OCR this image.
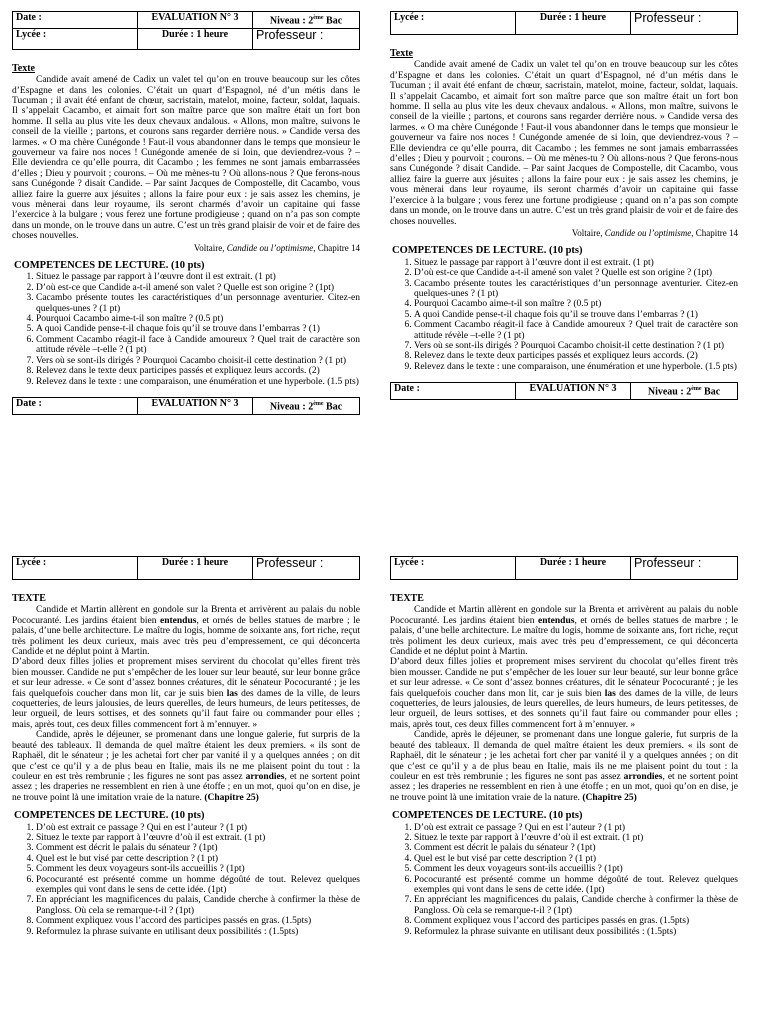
Date :	EVALUATION N° 3	Niveau : 2ème Bac
Lycée :	Durée : 1 heure	Professeur :
Texte

Candide avait amené de Cadix un valet tel qu’on en trouve beaucoup sur les côtes d’Espagne et dans les colonies. C’était un quart d’Espagnol, né d’un métis dans le Tucuman ; il avait été enfant de chœur, sacristain, matelot, moine, facteur, soldat, laquais. Il s’appelait Cacambo, et aimait fort son maître parce que son maître était un fort bon homme. Il sella au plus vite les deux chevaux andalous. « Allons, mon maître, suivons le conseil de la vieille ; partons, et courons sans regarder derrière nous. » Candide versa des larmes. « O ma chère Cunégonde ! Faut-il vous abandonner dans le temps que monsieur le gouverneur va faire nos noces ! Cunégonde amenée de si loin, que deviendrez-vous ? – Elle deviendra ce qu’elle pourra, dit Cacambo ; les femmes ne sont jamais embarrassées d’elles ; Dieu y pourvoit ; courons. – Où me mènes-tu ? Où allons-nous ? Que ferons-nous sans Cunégonde ? disait Candide. – Par saint Jacques de Compostelle, dit Cacambo, vous alliez faire la guerre aux jésuites ; allons la faire pour eux : je sais assez les chemins, je vous mènerai dans leur royaume, ils seront charmés d’avoir un capitaine qui fasse l’exercice à la bulgare ; vous ferez une fortune prodigieuse ; quand on n’a pas son compte dans un monde, on le trouve dans un autre. C’est un très grand plaisir de voir et de faire des choses nouvelles.

Voltaire, Candide ou l’optimisme, Chapitre 14
COMPETENCES DE LECTURE. (10 pts)
1. Situez le passage par rapport à l’œuvre dont il est extrait. (1 pt)
2. D’où est-ce que Candide a-t-il amené son valet ? Quelle est son origine ? (1pt)
3. Cacambo présente toutes les caractéristiques d’un personnage aventurier. Citez-en quelques-unes ? (1 pt)
4. Pourquoi Cacambo aime-t-il son maître ? (0.5 pt)
5. A quoi Candide pense-t-il chaque fois qu’il se trouve dans l’embarras ? (1)
6. Comment Cacambo réagit-il face à Candide amoureux ? Quel trait de caractère son attitude révèle –t-elle ? (1 pt)
7. Vers où se sont-ils dirigés ? Pourquoi Cacambo choisit-il cette destination ? (1 pt)
8. Relevez dans le texte deux participes passés et expliquez leurs accords. (2)
9. Relevez dans le texte : une comparaison, une énumération et une hyperbole. (1.5 pts)
Date :	EVALUATION N° 3	Niveau : 2ème Bac
Lycée :	Durée : 1 heure	Professeur :
Texte

Candide avait amené de Cadix un valet tel qu’on en trouve beaucoup sur les côtes d’Espagne et dans les colonies. C’était un quart d’Espagnol, né d’un métis dans le Tucuman ; il avait été enfant de chœur, sacristain, matelot, moine, facteur, soldat, laquais. Il s’appelait Cacambo, et aimait fort son maître parce que son maître était un fort bon homme. Il sella au plus vite les deux chevaux andalous. « Allons, mon maître, suivons le conseil de la vieille ; partons, et courons sans regarder derrière nous. » Candide versa des larmes. « O ma chère Cunégonde ! Faut-il vous abandonner dans le temps que monsieur le gouverneur va faire nos noces ! Cunégonde amenée de si loin, que deviendrez-vous ? – Elle deviendra ce qu’elle pourra, dit Cacambo ; les femmes ne sont jamais embarrassées d’elles ; Dieu y pourvoit ; courons. – Où me mènes-tu ? Où allons-nous ? Que ferons-nous sans Cunégonde ? disait Candide. – Par saint Jacques de Compostelle, dit Cacambo, vous alliez faire la guerre aux jésuites ; allons la faire pour eux : je sais assez les chemins, je vous mènerai dans leur royaume, ils seront charmés d’avoir un capitaine qui fasse l’exercice à la bulgare ; vous ferez une fortune prodigieuse ; quand on n’a pas son compte dans un monde, on le trouve dans un autre. C’est un très grand plaisir de voir et de faire des choses nouvelles.

Voltaire, Candide ou l’optimisme, Chapitre 14
COMPETENCES DE LECTURE. (10 pts)
1. Situez le passage par rapport à l’œuvre dont il est extrait. (1 pt)
2. D’où est-ce que Candide a-t-il amené son valet ? Quelle est son origine ? (1pt)
3. Cacambo présente toutes les caractéristiques d’un personnage aventurier. Citez-en quelques-unes ? (1 pt)
4. Pourquoi Cacambo aime-t-il son maître ? (0.5 pt)
5. A quoi Candide pense-t-il chaque fois qu’il se trouve dans l’embarras ? (1)
6. Comment Cacambo réagit-il face à Candide amoureux ? Quel trait de caractère son attitude révèle –t-elle ? (1 pt)
7. Vers où se sont-ils dirigés ? Pourquoi Cacambo choisit-il cette destination ? (1 pt)
8. Relevez dans le texte deux participes passés et expliquez leurs accords. (2)
9. Relevez dans le texte : une comparaison, une énumération et une hyperbole. (1.5 pts)
Date :	EVALUATION N° 3	Niveau : 2ème Bac
Lycée :	Durée : 1 heure	Professeur :
TEXTE

Candide et Martin allèrent en gondole sur la Brenta et arrivèrent au palais du noble Pococuranté. Les jardins étaient bien entendus, et ornés de belles statues de marbre ; le palais, d’une belle architecture. Le maître du logis, homme de soixante ans, fort riche, reçut très poliment les deux curieux, mais avec très peu d’empressement, ce qui déconcerta Candide et ne déplut point à Martin.

D’abord deux filles jolies et proprement mises servirent du chocolat qu’elles firent très bien mousser. Candide ne put s’empêcher de les louer sur leur beauté, sur leur bonne grâce et sur leur adresse. « Ce sont d’assez bonnes créatures, dit le sénateur Pococuranté ; je les fais quelquefois coucher dans mon lit, car je suis bien las des dames de la ville, de leurs coquetteries, de leurs jalousies, de leurs querelles, de leurs humeurs, de leurs petitesses, de leur orgueil, de leurs sottises, et des sonnets qu’il faut faire ou commander pour elles ; mais, après tout, ces deux filles commencent fort à m’ennuyer. »

Candide, après le déjeuner, se promenant dans une longue galerie, fut surpris de la beauté des tableaux. Il demanda de quel maître étaient les deux premiers. « ils sont de Raphaël, dit le sénateur ; je les achetai fort cher par vanité il y a quelques années ; on dit que c’est ce qu’il y a de plus beau en Italie, mais ils ne me plaisent point du tout : la couleur en est très rembrunie ; les figures ne sont pas assez arrondies, et ne sortent point assez ; les draperies ne ressemblent en rien à une étoffe ; en un mot, quoi qu’on en dise, je ne trouve point là une imitation vraie de la nature. (Chapitre 25)

COMPETENCES DE LECTURE. (10 pts)
1. D’où est extrait ce passage ? Qui en est l’auteur ? (1 pt)
2. Situez le texte par rapport à l’œuvre d’où il est extrait. (1 pt)
3. Comment est décrit le palais du sénateur ? (1pt)
4. Quel est le but visé par cette description ? (1 pt)
5. Comment les deux voyageurs sont-ils accueillis ? (1pt)
6. Pococuranté est présenté comme un homme dégoûté de tout. Relevez quelques exemples qui vont dans le sens de cette idée. (1pt)
7. En appréciant les magnificences du palais, Candide cherche à confirmer la thèse de Pangloss. Où cela se remarque-t-il ? (1pt)
8. Comment expliquez vous l’accord des participes passés en gras. (1.5pts)
9. Reformulez la phrase suivante en utilisant deux possibilités : (1.5pts)
Lycée :	Durée : 1 heure	Professeur :
TEXTE

Candide et Martin allèrent en gondole sur la Brenta et arrivèrent au palais du noble Pococuranté. Les jardins étaient bien entendus, et ornés de belles statues de marbre ; le palais, d’une belle architecture. Le maître du logis, homme de soixante ans, fort riche, reçut très poliment les deux curieux, mais avec très peu d’empressement, ce qui déconcerta Candide et ne déplut point à Martin.

D’abord deux filles jolies et proprement mises servirent du chocolat qu’elles firent très bien mousser. Candide ne put s’empêcher de les louer sur leur beauté, sur leur bonne grâce et sur leur adresse. « Ce sont d’assez bonnes créatures, dit le sénateur Pococuranté ; je les fais quelquefois coucher dans mon lit, car je suis bien las des dames de la ville, de leurs coquetteries, de leurs jalousies, de leurs querelles, de leurs humeurs, de leurs petitesses, de leur orgueil, de leurs sottises, et des sonnets qu’il faut faire ou commander pour elles ; mais, après tout, ces deux filles commencent fort à m’ennuyer. »

Candide, après le déjeuner, se promenant dans une longue galerie, fut surpris de la beauté des tableaux. Il demanda de quel maître étaient les deux premiers. « ils sont de Raphaël, dit le sénateur ; je les achetai fort cher par vanité il y a quelques années ; on dit que c’est ce qu’il y a de plus beau en Italie, mais ils ne me plaisent point du tout : la couleur en est très rembrunie ; les figures ne sont pas assez arrondies, et ne sortent point assez ; les draperies ne ressemblent en rien à une étoffe ; en un mot, quoi qu’on en dise, je ne trouve point là une imitation vraie de la nature. (Chapitre 25)

COMPETENCES DE LECTURE. (10 pts)
1. D’où est extrait ce passage ? Qui en est l’auteur ? (1 pt)
2. Situez le texte par rapport à l’œuvre d’où il est extrait. (1 pt)
3. Comment est décrit le palais du sénateur ? (1pt)
4. Quel est le but visé par cette description ? (1 pt)
5. Comment les deux voyageurs sont-ils accueillis ? (1pt)
6. Pococuranté est présenté comme un homme dégoûté de tout. Relevez quelques exemples qui vont dans le sens de cette idée. (1pt)
7. En appréciant les magnificences du palais, Candide cherche à confirmer la thèse de Pangloss. Où cela se remarque-t-il ? (1pt)
8. Comment expliquez vous l’accord des participes passés en gras. (1.5pts)
9. Reformulez la phrase suivante en utilisant deux possibilités : (1.5pts)
